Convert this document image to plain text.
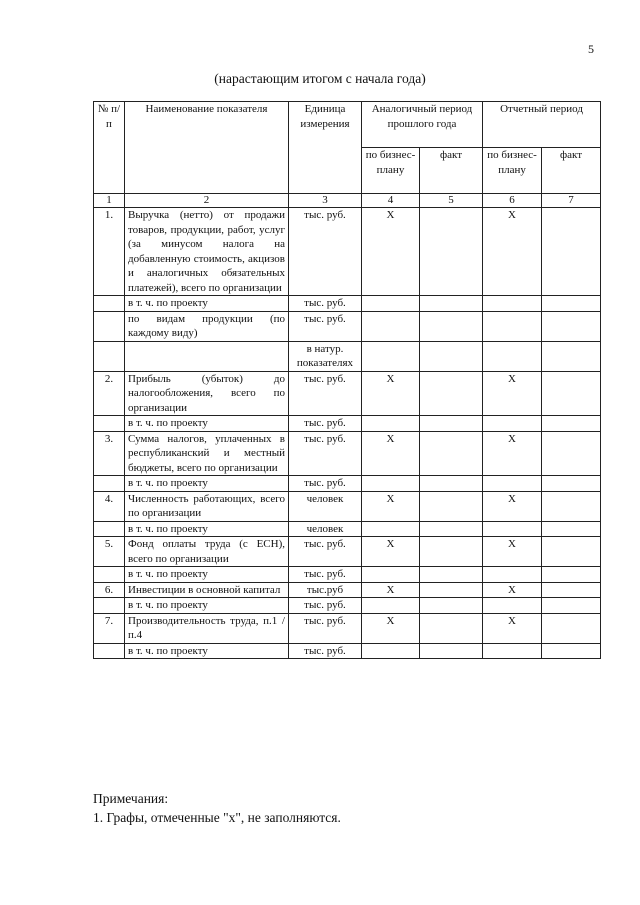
5
(нарастающим итогом с начала года)
№ п/п	Наименование показателя	Единица измерения	Аналогичный период прошлого года		Отчетный период	
			по бизнес-плану	факт	по бизнес-плану	факт
1	2	3	4	5	6	7
1.	Выручка (нетто) от продажи товаров, продукции, работ, услуг (за минусом налога на добавленную стоимость, акцизов и аналогичных обязательных платежей), всего по организации	тыс. руб.	X		X	
	в т. ч. по проекту	тыс. руб.				
	по видам продукции (по каждому виду)	тыс. руб.				
		в натур. показателях				
2.	Прибыль (убыток) до налогообложения, всего по организации	тыс. руб.	X		X	
	в т. ч. по проекту	тыс. руб.				
3.	Сумма налогов, уплаченных в республиканский и местный бюджеты, всего по организации	тыс. руб.	X		X	
	в т. ч. по проекту	тыс. руб.				
4.	Численность работающих, всего по организации	человек	X		X	
	в т. ч. по проекту	человек				
5.	Фонд оплаты труда (с ЕСН), всего по организации	тыс. руб.	X		X	
	в т. ч. по проекту	тыс. руб.				
6.	Инвестиции в основной капитал	тыс.руб	X		X	
	в т. ч. по проекту	тыс. руб.				
7.	Производительность труда, п.1 / п.4	тыс. руб.	X		X	
	в т. ч. по проекту	тыс. руб.				
Примечания:
1. Графы, отмеченные "х", не заполняются.
